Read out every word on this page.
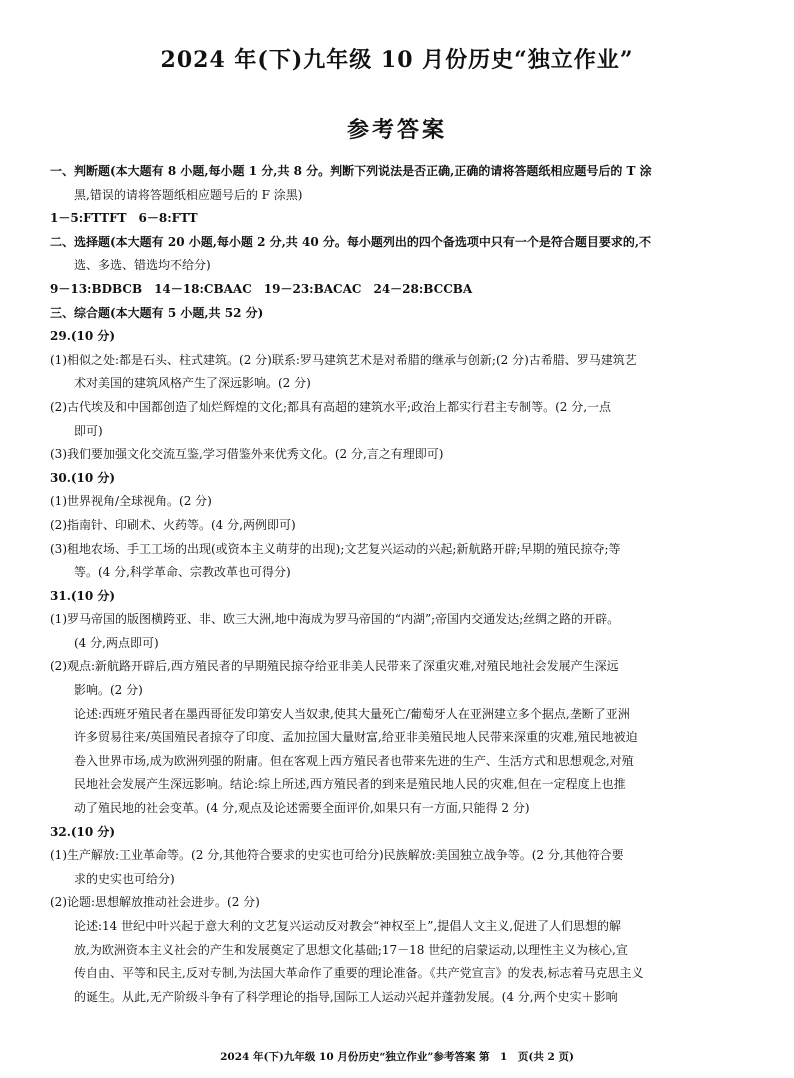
2024 年(下)九年级 10 月份历史“独立作业”
参考答案
一、判断题(本大题有 8 小题,每小题 1 分,共 8 分。判断下列说法是否正确,正确的请将答题纸相应题号后的 T 涂
黑,错误的请将答题纸相应题号后的 F 涂黑)
1－5:FTTFT　6－8:FTT
二、选择题(本大题有 20 小题,每小题 2 分,共 40 分。每小题列出的四个备选项中只有一个是符合题目要求的,不
选、多选、错选均不给分)
9－13:BDBCB　14－18:CBAAC　19－23:BACAC　24－28:BCCBA
三、综合题(本大题有 5 小题,共 52 分)
29.(10 分)
(1)相似之处:都是石头、柱式建筑。(2 分)联系:罗马建筑艺术是对希腊的继承与创新;(2 分)古希腊、罗马建筑艺
术对美国的建筑风格产生了深远影响。(2 分)
(2)古代埃及和中国都创造了灿烂辉煌的文化;都具有高超的建筑水平;政治上都实行君主专制等。(2 分,一点
即可)
(3)我们要加强文化交流互鉴,学习借鉴外来优秀文化。(2 分,言之有理即可)
30.(10 分)
(1)世界视角/全球视角。(2 分)
(2)指南针、印刷术、火药等。(4 分,两例即可)
(3)租地农场、手工工场的出现(或资本主义萌芽的出现);文艺复兴运动的兴起;新航路开辟;早期的殖民掠夺;等
等。(4 分,科学革命、宗教改革也可得分)
31.(10 分)
(1)罗马帝国的版图横跨亚、非、欧三大洲,地中海成为罗马帝国的“内湖”;帝国内交通发达;丝绸之路的开辟。
(4 分,两点即可)
(2)观点:新航路开辟后,西方殖民者的早期殖民掠夺给亚非美人民带来了深重灾难,对殖民地社会发展产生深远
影响。(2 分)
论述:西班牙殖民者在墨西哥征发印第安人当奴隶,使其大量死亡/葡萄牙人在亚洲建立多个据点,垄断了亚洲
许多贸易往来/英国殖民者掠夺了印度、孟加拉国大量财富,给亚非美殖民地人民带来深重的灾难,殖民地被迫
卷入世界市场,成为欧洲列强的附庸。但在客观上西方殖民者也带来先进的生产、生活方式和思想观念,对殖
民地社会发展产生深远影响。结论:综上所述,西方殖民者的到来是殖民地人民的灾难,但在一定程度上也推
动了殖民地的社会变革。(4 分,观点及论述需要全面评价,如果只有一方面,只能得 2 分)
32.(10 分)
(1)生产解放:工业革命等。(2 分,其他符合要求的史实也可给分)民族解放:美国独立战争等。(2 分,其他符合要
求的史实也可给分)
(2)论题:思想解放推动社会进步。(2 分)
论述:14 世纪中叶兴起于意大利的文艺复兴运动反对教会“神权至上”,提倡人文主义,促进了人们思想的解
放,为欧洲资本主义社会的产生和发展奠定了思想文化基础;17－18 世纪的启蒙运动,以理性主义为核心,宣
传自由、平等和民主,反对专制,为法国大革命作了重要的理论准备。《共产党宣言》的发表,标志着马克思主义
的诞生。从此,无产阶级斗争有了科学理论的指导,国际工人运动兴起并蓬勃发展。(4 分,两个史实＋影响
2024 年(下)九年级 10 月份历史“独立作业”参考答案 第　1　页(共 2 页)
